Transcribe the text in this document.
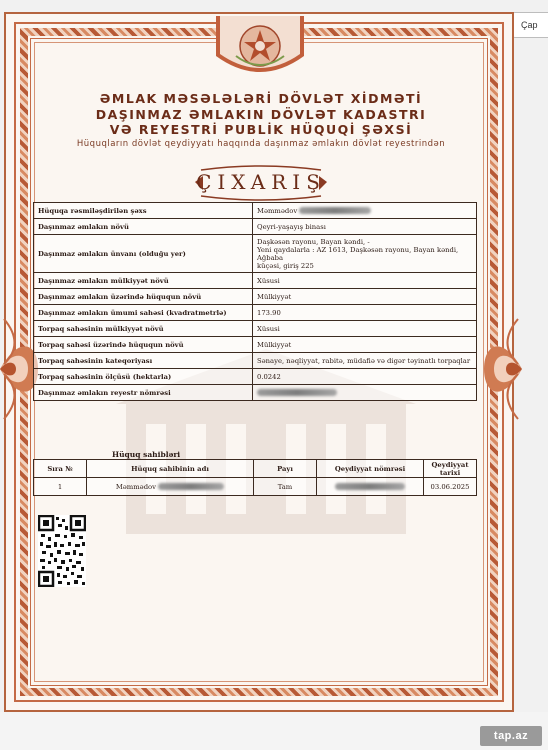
Çap
ƏMLAK MƏSƏLƏLƏRİ DÖVLƏT XİDMƏTİ
DAŞINMAZ ƏMLAKIN DÖVLƏT KADASTRI
VƏ REYESTRİ PUBLİK HÜQUQİ ŞƏXSİ
Hüquqların dövlət qeydiyyatı haqqında daşınmaz əmlakın dövlət reyestrindən
ÇIXARIŞ
Hüquqa rəsmiləşdirilən şəxs	Məmmədov
Daşınmaz əmlakın növü	Qeyri-yaşayış binası
Daşınmaz əmlakın ünvanı (olduğu yer)	Daşkəsən rayonu, Bayan kəndi, -
Yeni qaydalarla : AZ 1613, Daşkəsən rayonu, Bayan kəndi, Ağbaba
küçəsi, giriş 225

Daşınmaz əmlakın mülkiyyət növü	Xüsusi
Daşınmaz əmlakın üzərində hüququn növü	Mülkiyyət
Daşınmaz əmlakın ümumi sahəsi (kvadratmetrlə)	173.90
Torpaq sahəsinin mülkiyyət növü	Xüsusi
Torpaq sahəsi üzərində hüququn növü	Mülkiyyət
Torpaq sahəsinin kateqoriyası	Sənaye, nəqliyyat, rabitə, müdafiə və digər təyinatlı torpaqlar
Torpaq sahəsinin ölçüsü (hektarla)	0.0242
Daşınmaz əmlakın reyestr nömrəsi	
Hüquq sahibləri
Sıra №	Hüquq sahibinin adı	Payı	Qeydiyyat nömrəsi	Qeydiyyat tarixi
1	Məmmədov	Tam		03.06.2025
tap.az
